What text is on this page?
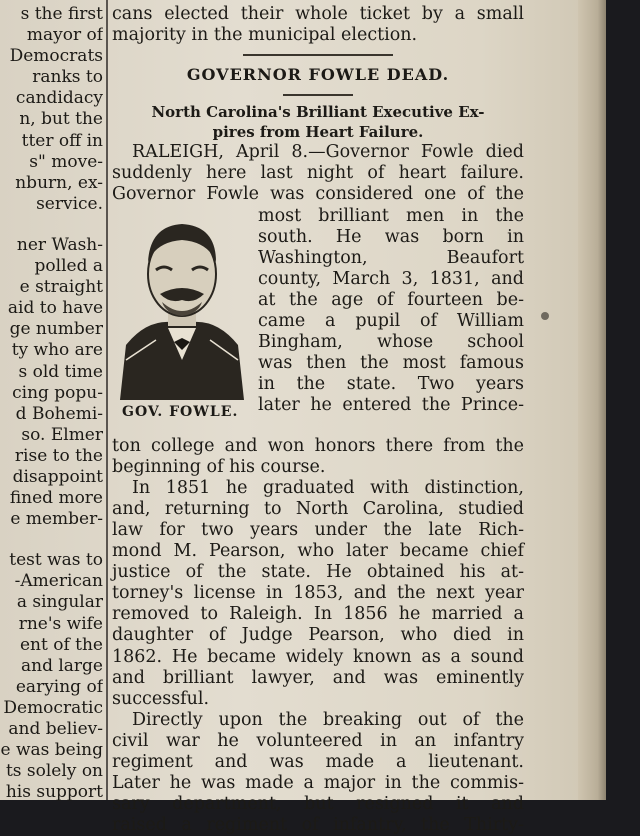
s the first
mayor of
Democrats
ranks to
candidacy
n, but the
tter off in
s" move-
nburn, ex-
service.
ner Wash-
polled a
e straight
aid to have
ge number
ty who are
s old time
cing popu-
d Bohemi-
so. Elmer
rise to the
disappoint
fined more
e member-
test was to
-American
a singular
rne's wife
ent of the
and large
earying of
Democratic
and believ-
e was being
ts solely on
his support
cans elected their whole ticket by a small
majority in the municipal election.
GOVERNOR FOWLE DEAD.
North Carolina's Brilliant Executive Ex-
pires from Heart Failure.
RALEIGH, April 8.—Governor Fowle died
suddenly here last night of heart failure.
Governor Fowle was considered one of the
GOV. FOWLE.
most brilliant men in the
south. He was born in
Washington, Beaufort
county, March 3, 1831, and
at the age of fourteen be-
came a pupil of William
Bingham, whose school
was then the most famous
in the state. Two years
later he entered the Prince-
ton college and won honors there from the
beginning of his course.
In 1851 he graduated with distinction,
and, returning to North Carolina, studied
law for two years under the late Rich-
mond M. Pearson, who later became chief
justice of the state. He obtained his at-
torney's license in 1853, and the next year
removed to Raleigh. In 1856 he married a
daughter of Judge Pearson, who died in
1862. He became widely known as a sound
and brilliant lawyer, and was eminently
successful.
Directly upon the breaking out of the
civil war he volunteered in an infantry
regiment and was made a lieutenant.
Later he was made a major in the commis-
sary department, but resigned it and
raised a regiment of infantry, the Thirty-
